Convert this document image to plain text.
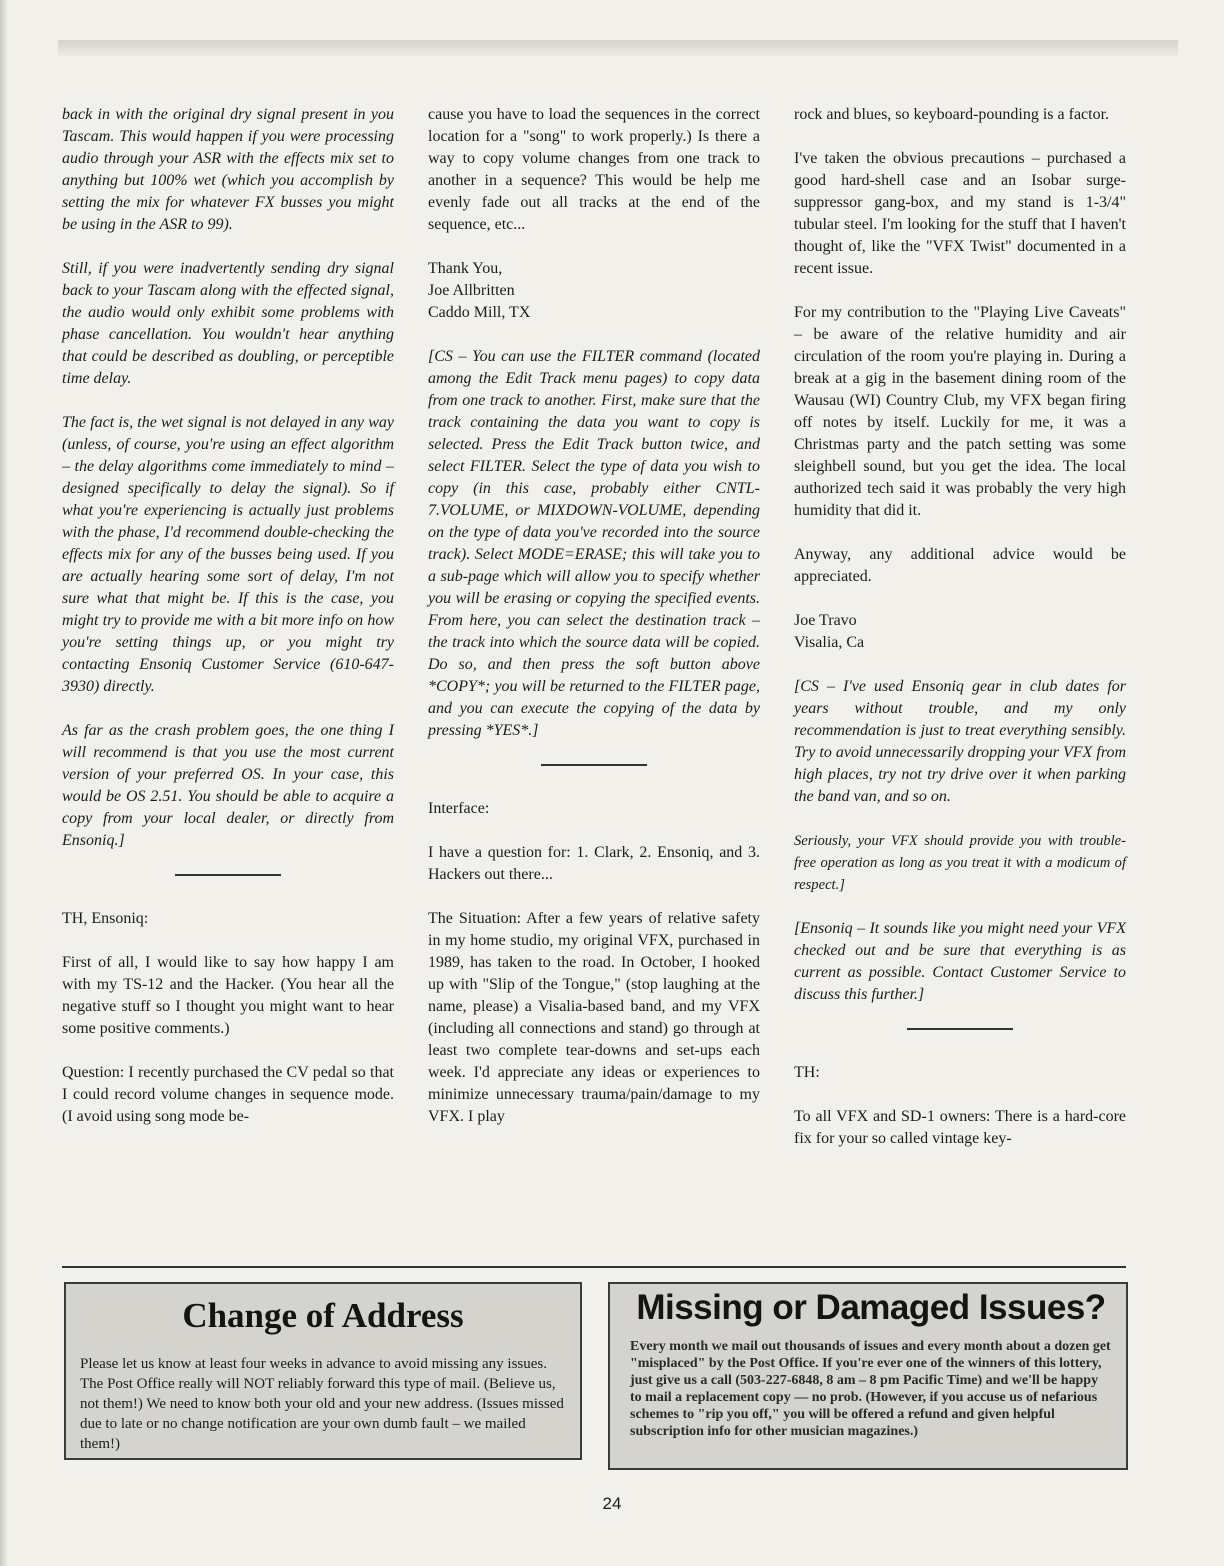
back in with the original dry signal present in you Tascam. This would happen if you were processing audio through your ASR with the effects mix set to anything but 100% wet (which you accomplish by setting the mix for whatever FX busses you might be using in the ASR to 99).

Still, if you were inadvertently sending dry signal back to your Tascam along with the effected signal, the audio would only exhibit some problems with phase cancellation. You wouldn't hear anything that could be described as doubling, or perceptible time delay.

The fact is, the wet signal is not delayed in any way (unless, of course, you're using an effect algorithm – the delay algorithms come immediately to mind – designed specifically to delay the signal). So if what you're experiencing is actually just problems with the phase, I'd recommend double-checking the effects mix for any of the busses being used. If you are actually hearing some sort of delay, I'm not sure what that might be. If this is the case, you might try to provide me with a bit more info on how you're setting things up, or you might try contacting Ensoniq Customer Service (610-647-3930) directly.

As far as the crash problem goes, the one thing I will recommend is that you use the most current version of your preferred OS. In your case, this would be OS 2.51. You should be able to acquire a copy from your local dealer, or directly from Ensoniq.]

TH, Ensoniq:

First of all, I would like to say how happy I am with my TS-12 and the Hacker. (You hear all the negative stuff so I thought you might want to hear some positive comments.)

Question: I recently purchased the CV pedal so that I could record volume changes in sequence mode. (I avoid using song mode be-

cause you have to load the sequences in the correct location for a "song" to work properly.) Is there a way to copy volume changes from one track to another in a sequence? This would be help me evenly fade out all tracks at the end of the sequence, etc...

Thank You,

Joe Allbritten

Caddo Mill, TX

[CS – You can use the FILTER command (located among the Edit Track menu pages) to copy data from one track to another. First, make sure that the track containing the data you want to copy is selected. Press the Edit Track button twice, and select FILTER. Select the type of data you wish to copy (in this case, probably either CNTL-7.VOLUME, or MIXDOWN-VOLUME, depending on the type of data you've recorded into the source track). Select MODE=ERASE; this will take you to a sub-page which will allow you to specify whether you will be erasing or copying the specified events. From here, you can select the destination track – the track into which the source data will be copied. Do so, and then press the soft button above *COPY*; you will be returned to the FILTER page, and you can execute the copying of the data by pressing *YES*.]

Interface:

I have a question for: 1. Clark, 2. Ensoniq, and 3. Hackers out there...

The Situation: After a few years of relative safety in my home studio, my original VFX, purchased in 1989, has taken to the road. In October, I hooked up with "Slip of the Tongue," (stop laughing at the name, please) a Visalia-based band, and my VFX (including all connections and stand) go through at least two complete tear-downs and set-ups each week. I'd appreciate any ideas or experiences to minimize unnecessary trauma/pain/damage to my VFX. I play

rock and blues, so keyboard-pounding is a factor.

I've taken the obvious precautions – purchased a good hard-shell case and an Isobar surge-suppressor gang-box, and my stand is 1-3/4" tubular steel. I'm looking for the stuff that I haven't thought of, like the "VFX Twist" documented in a recent issue.

For my contribution to the "Playing Live Caveats" – be aware of the relative humidity and air circulation of the room you're playing in. During a break at a gig in the basement dining room of the Wausau (WI) Country Club, my VFX began firing off notes by itself. Luckily for me, it was a Christmas party and the patch setting was some sleighbell sound, but you get the idea. The local authorized tech said it was probably the very high humidity that did it.

Anyway, any additional advice would be appreciated.

Joe Travo

Visalia, Ca

[CS – I've used Ensoniq gear in club dates for years without trouble, and my only recommendation is just to treat everything sensibly. Try to avoid unnecessarily dropping your VFX from high places, try not try drive over it when parking the band van, and so on.

Seriously, your VFX should provide you with trouble-free operation as long as you treat it with a modicum of respect.]

[Ensoniq – It sounds like you might need your VFX checked out and be sure that everything is as current as possible. Contact Customer Service to discuss this further.]

TH:

To all VFX and SD-1 owners: There is a hard-core fix for your so called vintage key-

Change of Address
Please let us know at least four weeks in advance to avoid missing any issues. The Post Office really will NOT reliably forward this type of mail. (Believe us, not them!) We need to know both your old and your new address. (Issues missed due to late or no change notification are your own dumb fault – we mailed them!)
Missing or Damaged Issues?
Every month we mail out thousands of issues and every month about a dozen get "misplaced" by the Post Office. If you're ever one of the winners of this lottery, just give us a call (503-227-6848, 8 am – 8 pm Pacific Time) and we'll be happy to mail a replacement copy — no prob. (However, if you accuse us of nefarious schemes to "rip you off," you will be offered a refund and given helpful subscription info for other musician magazines.)
24
